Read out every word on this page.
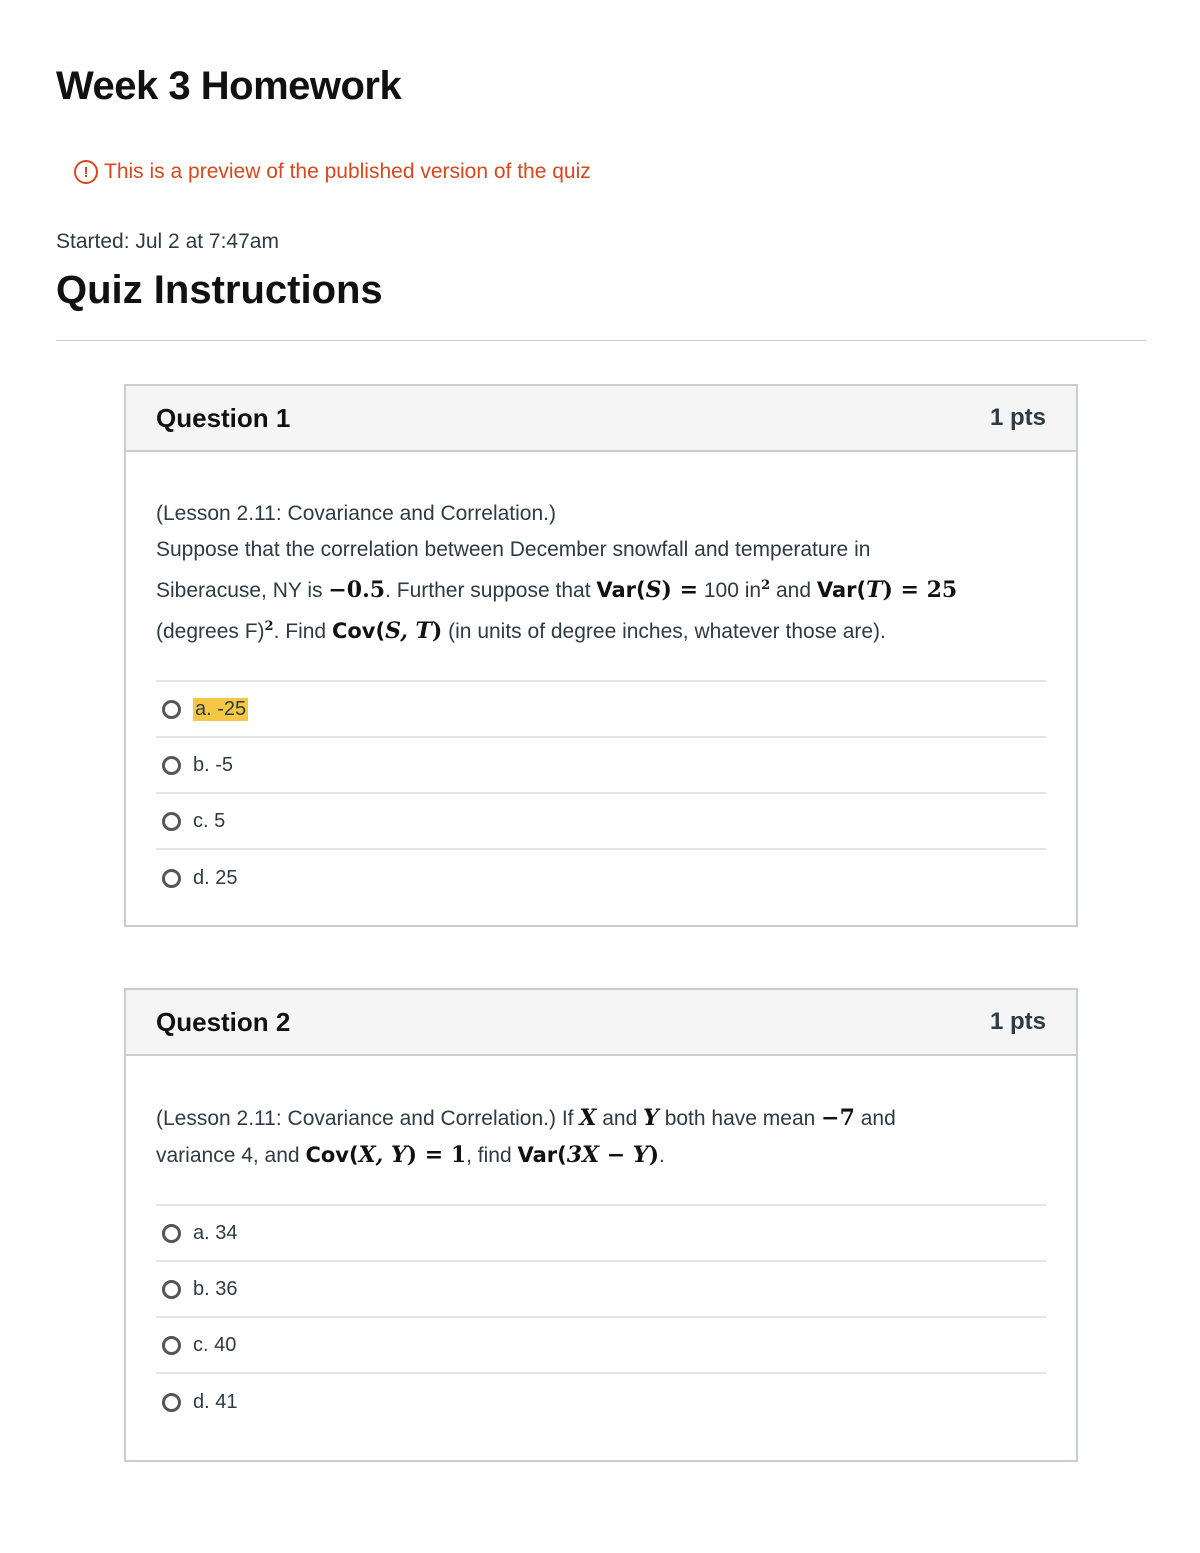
Week 3 Homework
! This is a preview of the published version of the quiz
Started: Jul 2 at 7:47am
Quiz Instructions
Question 1	1 pts
(Lesson 2.11: Covariance and Correlation.)
Suppose that the correlation between December snowfall and temperature in
Siberacuse, NY is −0.5. Further suppose that Var(S) = 100 $in^2$ and Var(T) = 25
(degrees F)$^2$. Find Cov(S, T) (in units of degree inches, whatever those are).
a. -25
b. -5
c. 5
d. 25
Question 2	1 pts
(Lesson 2.11: Covariance and Correlation.) If X and Y both have mean −7 and
variance 4, and Cov(X, Y) = 1, find Var(3X − Y).
a. 34
b. 36
c. 40
d. 41
